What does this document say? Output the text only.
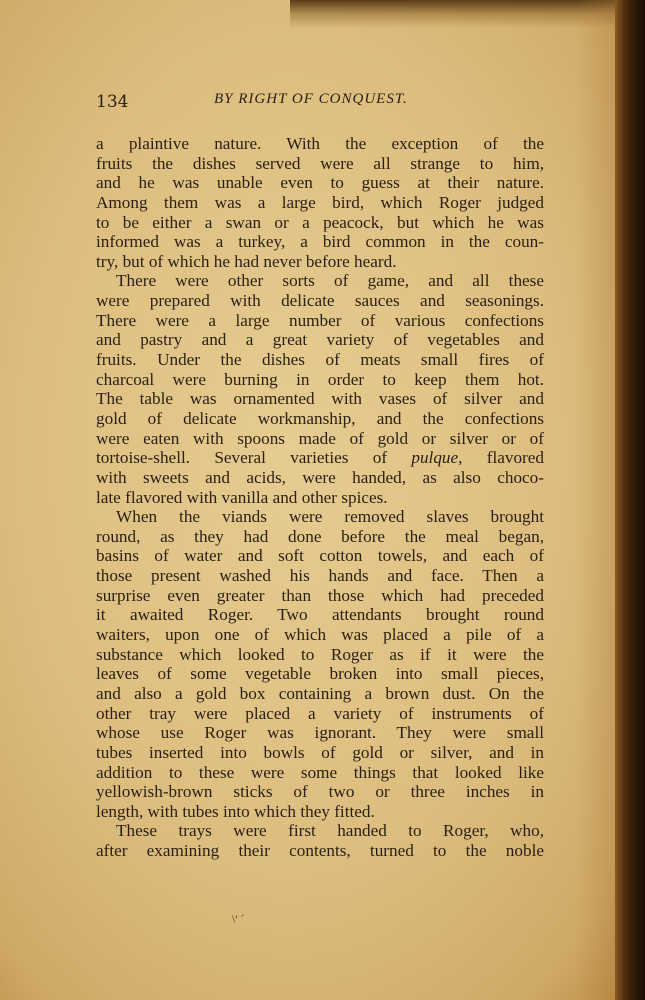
134	BY RIGHT OF CONQUEST.
a plaintive nature. With the exception of the
fruits the dishes served were all strange to him,
and he was unable even to guess at their nature.
Among them was a large bird, which Roger judged
to be either a swan or a peacock, but which he was
informed was a turkey, a bird common in the coun-
try, but of which he had never before heard.
There were other sorts of game, and all these
were prepared with delicate sauces and seasonings.
There were a large number of various confections
and pastry and a great variety of vegetables and
fruits. Under the dishes of meats small fires of
charcoal were burning in order to keep them hot.
The table was ornamented with vases of silver and
gold of delicate workmanship, and the confections
were eaten with spoons made of gold or silver or of
tortoise-shell. Several varieties of pulque, flavored
with sweets and acids, were handed, as also choco-
late flavored with vanilla and other spices.
When the viands were removed slaves brought
round, as they had done before the meal began,
basins of water and soft cotton towels, and each of
those present washed his hands and face. Then a
surprise even greater than those which had preceded
it awaited Roger. Two attendants brought round
waiters, upon one of which was placed a pile of a
substance which looked to Roger as if it were the
leaves of some vegetable broken into small pieces,
and also a gold box containing a brown dust. On the
other tray were placed a variety of instruments of
whose use Roger was ignorant. They were small
tubes inserted into bowls of gold or silver, and in
addition to these were some things that looked like
yellowish-brown sticks of two or three inches in
length, with tubes into which they fitted.
These trays were first handed to Roger, who,
after examining their contents, turned to the noble
\' ´
